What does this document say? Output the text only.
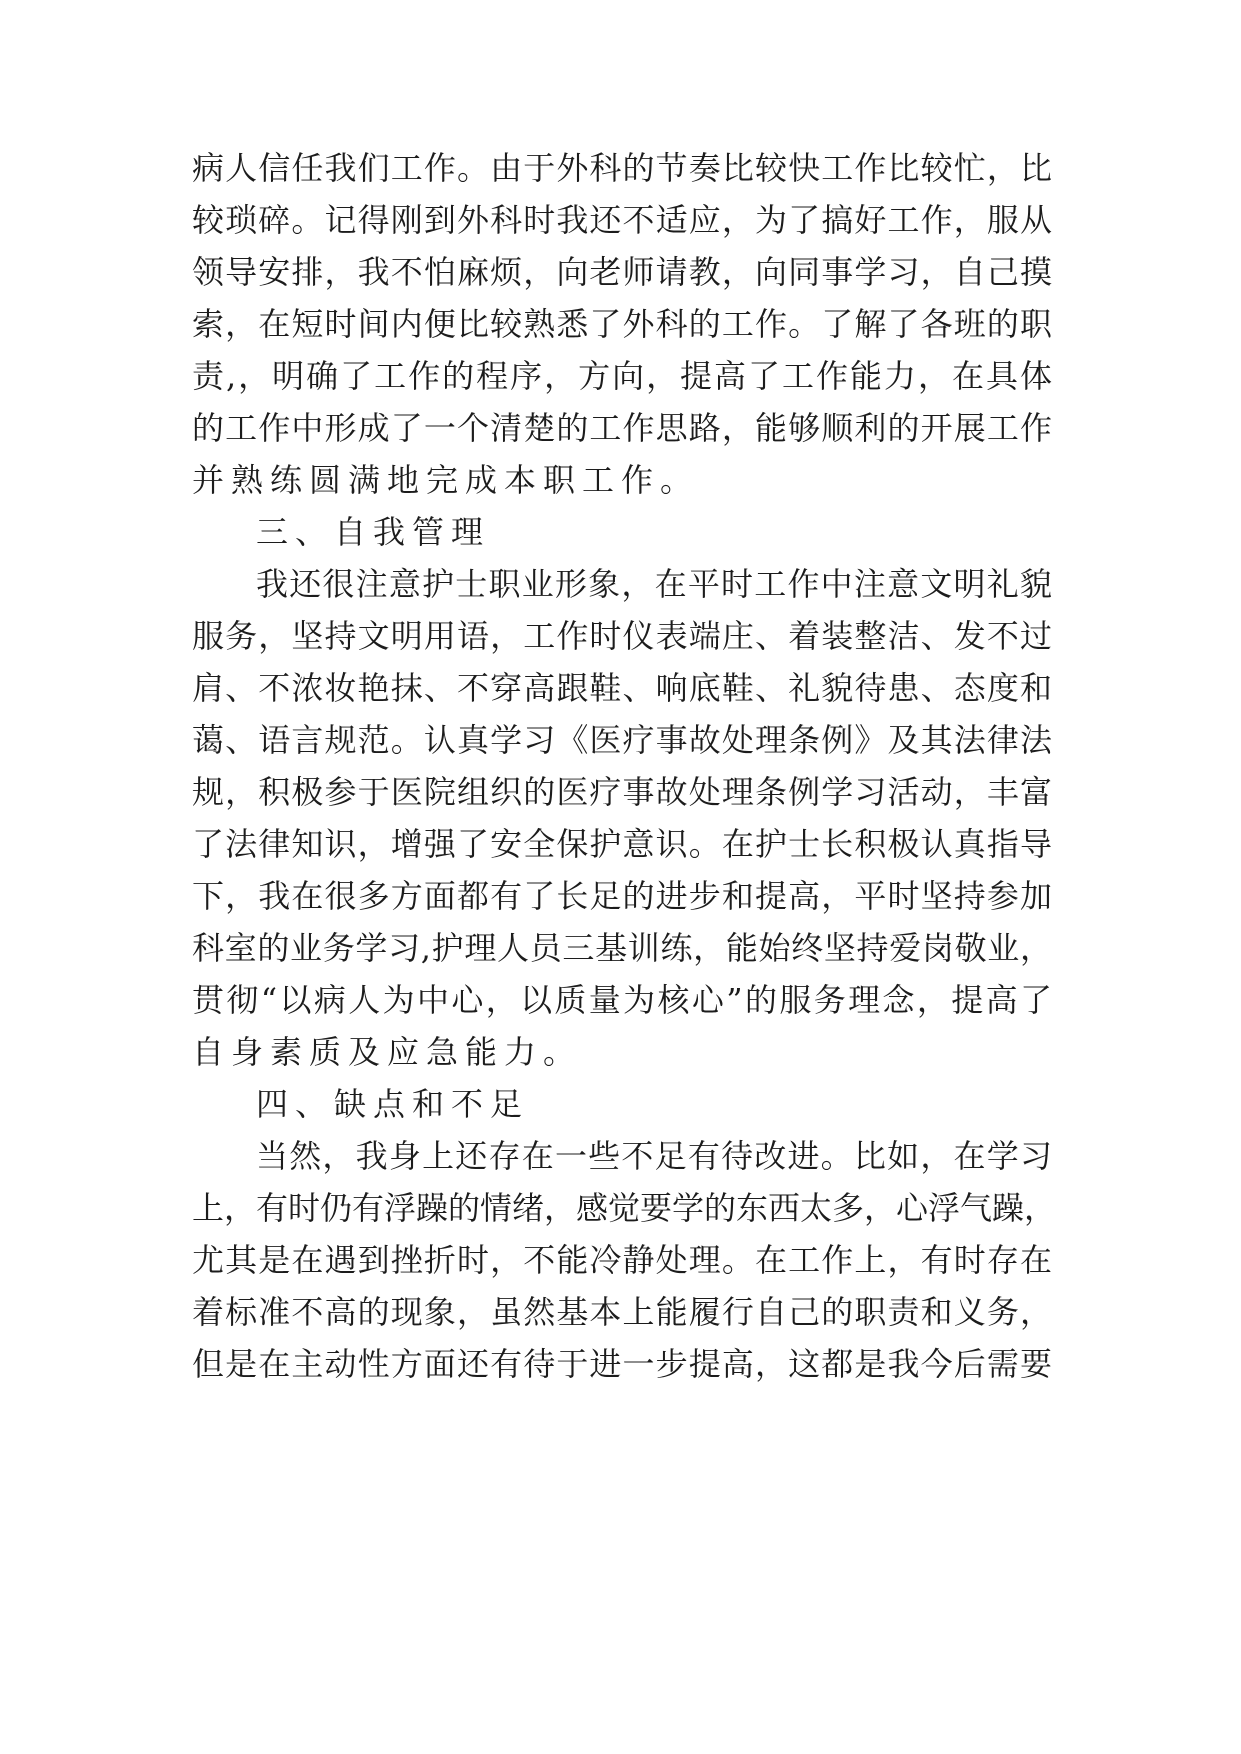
病人信任我们工作。由于外科的节奏比较快工作比较忙，比
较琐碎。记得刚到外科时我还不适应，为了搞好工作，服从
领导安排，我不怕麻烦，向老师请教，向同事学习，自己摸
索，在短时间内便比较熟悉了外科的工作。了解了各班的职
责,，明确了工作的程序，方向，提高了工作能力，在具体
的工作中形成了一个清楚的工作思路，能够顺利的开展工作
并熟练圆满地完成本职工作。
三、自我管理
我还很注意护士职业形象，在平时工作中注意文明礼貌
服务，坚持文明用语，工作时仪表端庄、着装整洁、发不过
肩、不浓妆艳抹、不穿高跟鞋、响底鞋、礼貌待患、态度和
蔼、语言规范。认真学习《医疗事故处理条例》及其法律法
规，积极参于医院组织的医疗事故处理条例学习活动，丰富
了法律知识，增强了安全保护意识。在护士长积极认真指导
下，我在很多方面都有了长足的进步和提高，平时坚持参加
科室的业务学习,护理人员三基训练，能始终坚持爱岗敬业，
贯彻“以病人为中心，以质量为核心”的服务理念，提高了
自身素质及应急能力。
四、缺点和不足
当然，我身上还存在一些不足有待改进。比如，在学习
上，有时仍有浮躁的情绪，感觉要学的东西太多，心浮气躁，
尤其是在遇到挫折时，不能冷静处理。在工作上，有时存在
着标准不高的现象，虽然基本上能履行自己的职责和义务，
但是在主动性方面还有待于进一步提高，这都是我今后需要
